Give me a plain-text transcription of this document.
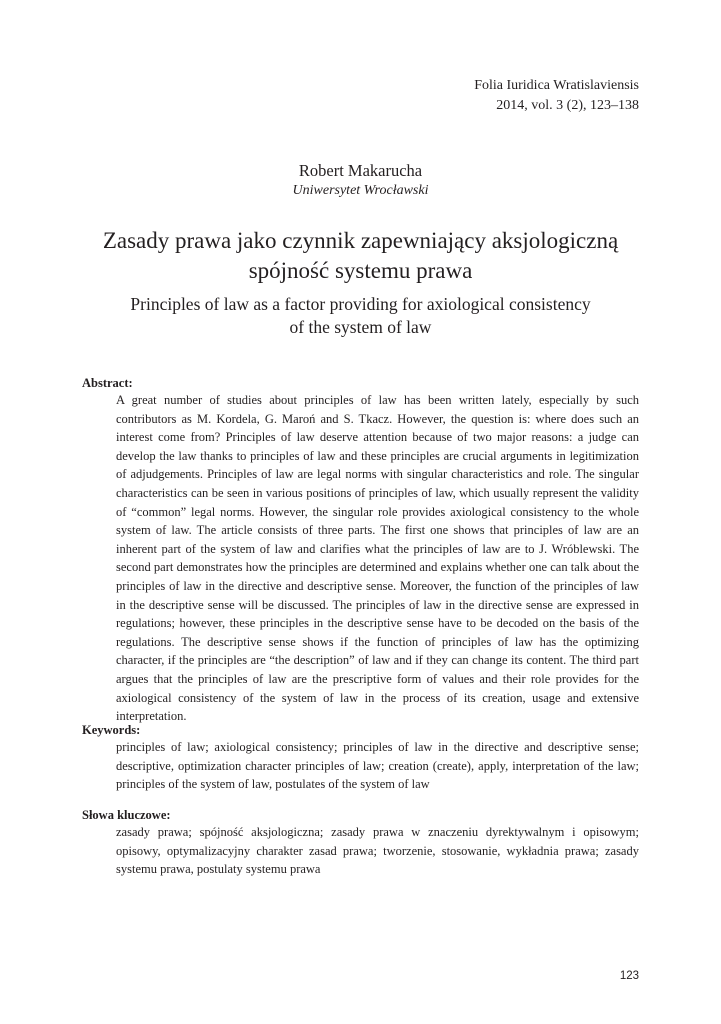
Folia Iuridica Wratislaviensis
2014, vol. 3 (2), 123–138
Robert Makarucha
Uniwersytet Wrocławski
Zasady prawa jako czynnik zapewniający aksjologiczną
spójność systemu prawa
Principles of law as a factor providing for axiological consistency
of the system of law
Abstract:
A great number of studies about principles of law has been written lately, especially by such contributors as M. Kordela, G. Maroń and S. Tkacz. However, the question is: where does such an interest come from? Principles of law deserve attention because of two major reasons: a judge can develop the law thanks to principles of law and these principles are crucial arguments in legitimization of adjudgements. Principles of law are legal norms with singular characteristics and role. The singular characteristics can be seen in various positions of principles of law, which usually represent the validity of “common” legal norms. However, the singular role provides axiological consistency to the whole system of law. The article consists of three parts. The first one shows that principles of law are an inherent part of the system of law and clarifies what the principles of law are to J. Wróblewski. The second part demonstrates how the principles are determined and explains whether one can talk about the principles of law in the directive and descriptive sense. Moreover, the function of the principles of law in the descriptive sense will be discussed. The principles of law in the directive sense are expressed in regulations; however, these principles in the descriptive sense have to be decoded on the basis of the regulations. The descriptive sense shows if the function of principles of law has the optimizing character, if the principles are “the description” of law and if they can change its content. The third part argues that the principles of law are the prescriptive form of values and their role provides for the axiological consistency of the system of law in the process of its creation, usage and extensive interpretation.
Keywords:
principles of law; axiological consistency; principles of law in the directive and descriptive sense; descriptive, optimization character principles of law; creation (create), apply, interpretation of the law; principles of the system of law, postulates of the system of law
Słowa kluczowe:
zasady prawa; spójność aksjologiczna; zasady prawa w znaczeniu dyrektywalnym i opisowym; opisowy, optymalizacyjny charakter zasad prawa; tworzenie, stosowanie, wykładnia prawa; zasady systemu prawa, postulaty systemu prawa
123
